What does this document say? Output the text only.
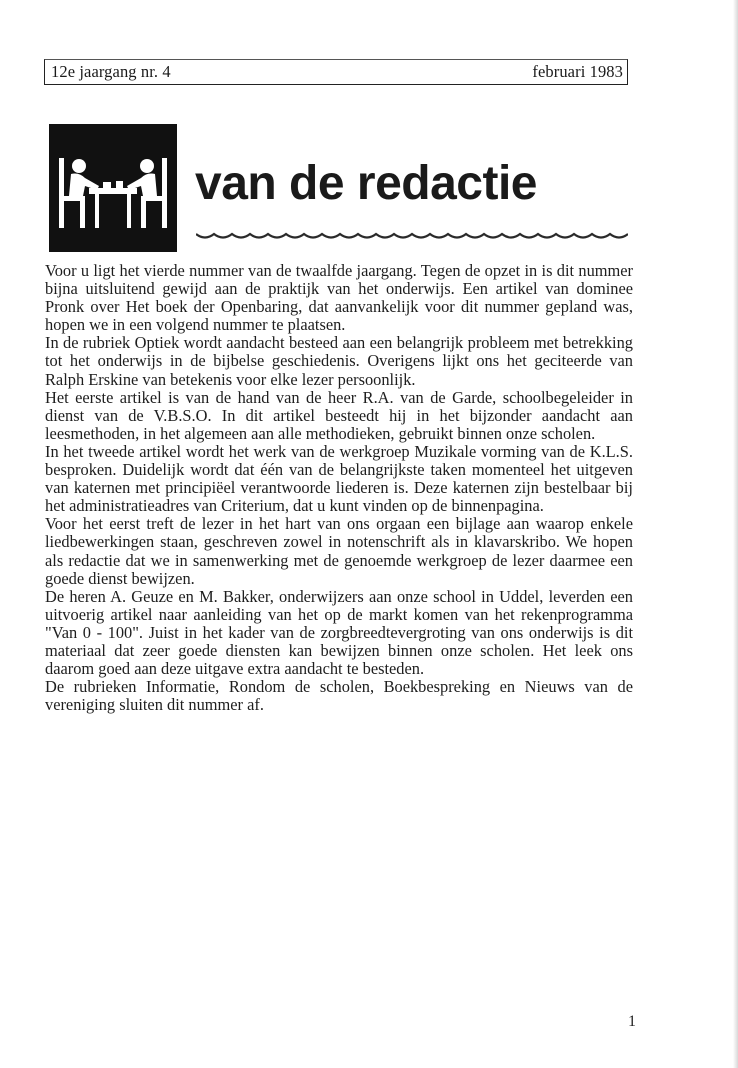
12e jaargang nr. 4	februari 1983
van de redactie

Voor u ligt het vierde nummer van de twaalfde jaargang. Tegen de opzet in is dit nummer bijna uitsluitend gewijd aan de praktijk van het onderwijs. Een artikel van dominee Pronk over Het boek der Openbaring, dat aanvankelijk voor dit nummer gepland was, hopen we in een volgend nummer te plaatsen.

In de rubriek Optiek wordt aandacht besteed aan een belangrijk probleem met betrekking tot het onderwijs in de bijbelse geschiedenis. Overigens lijkt ons het geciteerde van Ralph Erskine van betekenis voor elke lezer persoonlijk.

Het eerste artikel is van de hand van de heer R.A. van de Garde, schoolbegeleider in dienst van de V.B.S.O. In dit artikel besteedt hij in het bijzonder aandacht aan leesmethoden, in het algemeen aan alle methodieken, gebruikt binnen onze scholen.

In het tweede artikel wordt het werk van de werkgroep Muzikale vorming van de K.L.S. besproken. Duidelijk wordt dat één van de belangrijkste taken momenteel het uitgeven van katernen met principiëel verantwoorde liederen is. Deze katernen zijn bestelbaar bij het administratieadres van Criterium, dat u kunt vinden op de binnenpagina.

Voor het eerst treft de lezer in het hart van ons orgaan een bijlage aan waarop enkele liedbewerkingen staan, geschreven zowel in notenschrift als in klavarskribo. We hopen als redactie dat we in samenwerking met de genoemde werkgroep de lezer daarmee een goede dienst bewijzen.

De heren A. Geuze en M. Bakker, onderwijzers aan onze school in Uddel, leverden een uitvoerig artikel naar aanleiding van het op de markt komen van het rekenprogramma "Van 0 - 100". Juist in het kader van de zorgbreedtevergroting van ons onderwijs is dit materiaal dat zeer goede diensten kan bewijzen binnen onze scholen. Het leek ons daarom goed aan deze uitgave extra aandacht te besteden.

De rubrieken Informatie, Rondom de scholen, Boekbespreking en Nieuws van de vereniging sluiten dit nummer af.

1
